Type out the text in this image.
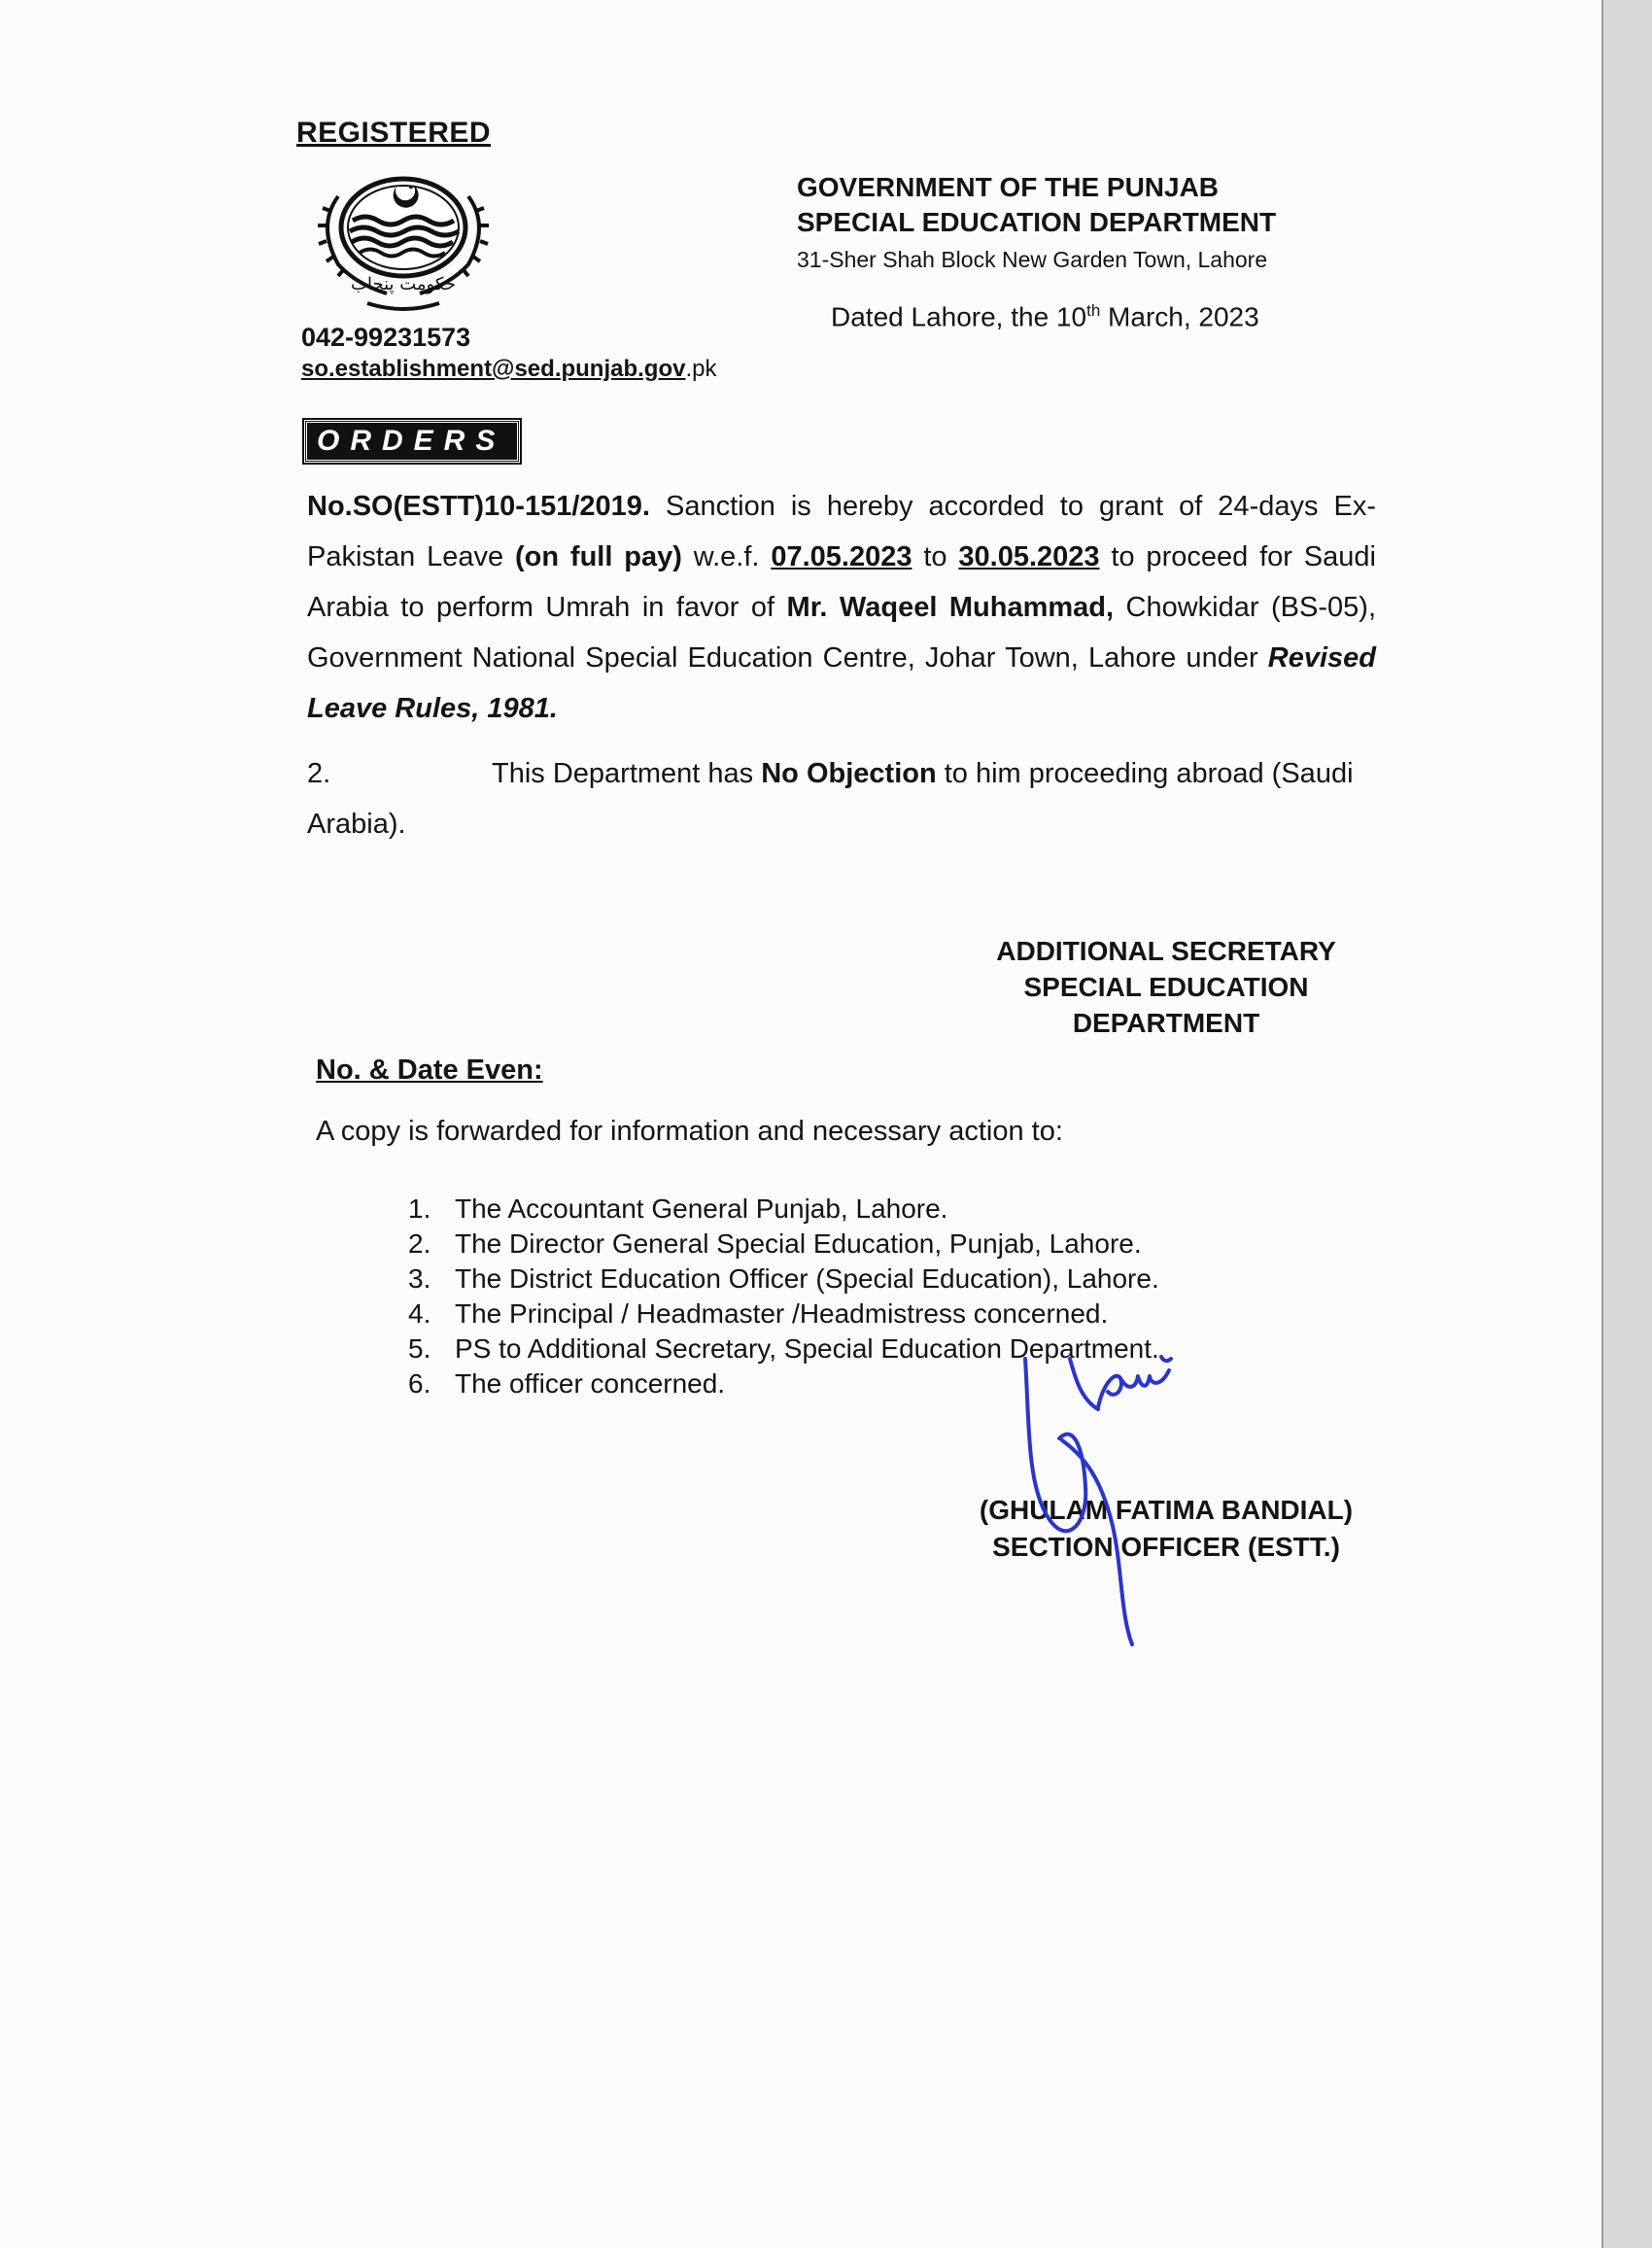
REGISTERED
حکومت پنجاب
042-99231573
so.establishment@sed.punjab.gov.pk
GOVERNMENT OF THE PUNJAB
SPECIAL EDUCATION DEPARTMENT
31-Sher Shah Block New Garden Town, Lahore
Dated Lahore, the 10th March, 2023
ORDERS
No.SO(ESTT)10-151/2019. Sanction is hereby accorded to grant of 24-days Ex-Pakistan Leave (on full pay) w.e.f. 07.05.2023 to 30.05.2023 to proceed for Saudi Arabia to perform Umrah in favor of Mr. Waqeel Muhammad, Chowkidar (BS-05), Government National Special Education Centre, Johar Town, Lahore under Revised Leave Rules, 1981.
2.	This Department has No Objection to him proceeding abroad (Saudi Arabia).
ADDITIONAL SECRETARY
SPECIAL EDUCATION
DEPARTMENT
No. & Date Even:
A copy is forwarded for information and necessary action to:
1. The Accountant General Punjab, Lahore.
2. The Director General Special Education, Punjab, Lahore.
3. The District Education Officer (Special Education), Lahore.
4. The Principal / Headmaster /Headmistress concerned.
5. PS to Additional Secretary, Special Education Department.
6. The officer concerned.
(GHULAM FATIMA BANDIAL)
SECTION OFFICER (ESTT.)
